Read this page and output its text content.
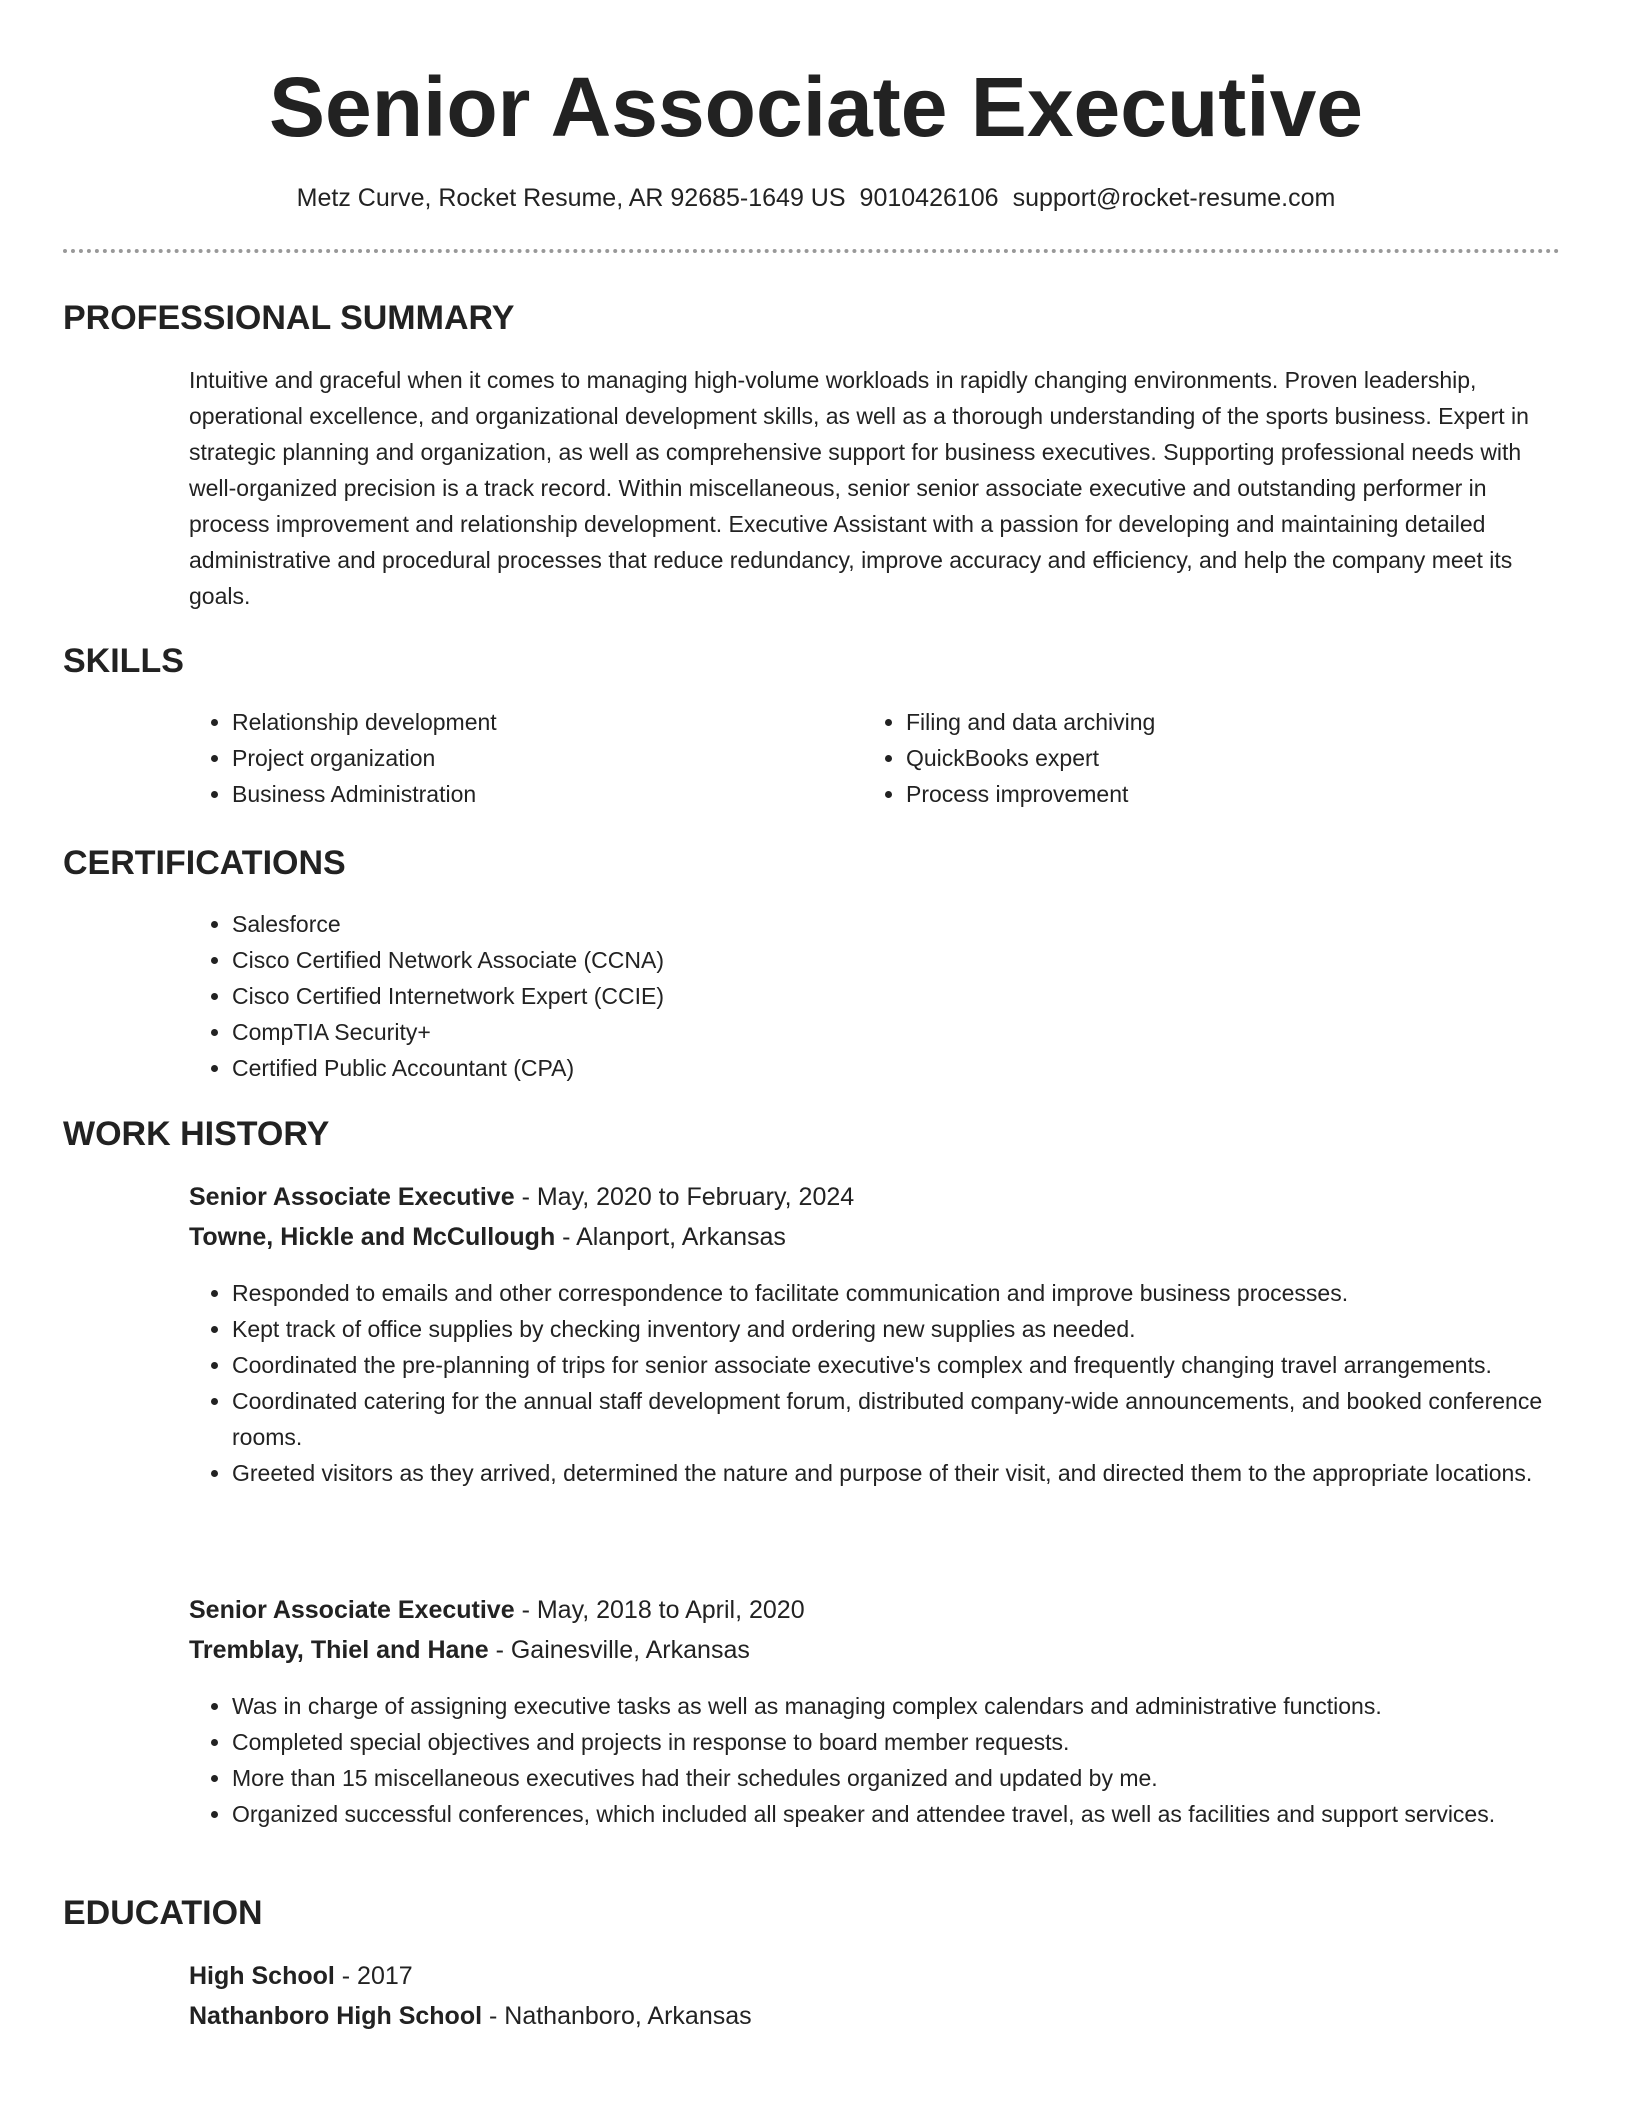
Senior Associate Executive
Metz Curve, Rocket Resume, AR 92685-1649 US 9010426106 support@rocket-resume.com
PROFESSIONAL SUMMARY
Intuitive and graceful when it comes to managing high-volume workloads in rapidly changing environments. Proven leadership, operational excellence, and organizational development skills, as well as a thorough understanding of the sports business. Expert in strategic planning and organization, as well as comprehensive support for business executives. Supporting professional needs with well-organized precision is a track record. Within miscellaneous, senior senior associate executive and outstanding performer in process improvement and relationship development. Executive Assistant with a passion for developing and maintaining detailed administrative and procedural processes that reduce redundancy, improve accuracy and efficiency, and help the company meet its goals.
SKILLS
• Relationship development
• Project organization
• Business Administration
• Filing and data archiving
• QuickBooks expert
• Process improvement
CERTIFICATIONS
• Salesforce
• Cisco Certified Network Associate (CCNA)
• Cisco Certified Internetwork Expert (CCIE)
• CompTIA Security+
• Certified Public Accountant (CPA)
WORK HISTORY
Senior Associate Executive - May, 2020 to February, 2024
Towne, Hickle and McCullough - Alanport, Arkansas
• Responded to emails and other correspondence to facilitate communication and improve business processes.
• Kept track of office supplies by checking inventory and ordering new supplies as needed.
• Coordinated the pre-planning of trips for senior associate executive's complex and frequently changing travel arrangements.
• Coordinated catering for the annual staff development forum, distributed company-wide announcements, and booked conference rooms.
• Greeted visitors as they arrived, determined the nature and purpose of their visit, and directed them to the appropriate locations.
Senior Associate Executive - May, 2018 to April, 2020
Tremblay, Thiel and Hane - Gainesville, Arkansas
• Was in charge of assigning executive tasks as well as managing complex calendars and administrative functions.
• Completed special objectives and projects in response to board member requests.
• More than 15 miscellaneous executives had their schedules organized and updated by me.
• Organized successful conferences, which included all speaker and attendee travel, as well as facilities and support services.
EDUCATION
High School - 2017
Nathanboro High School - Nathanboro, Arkansas
